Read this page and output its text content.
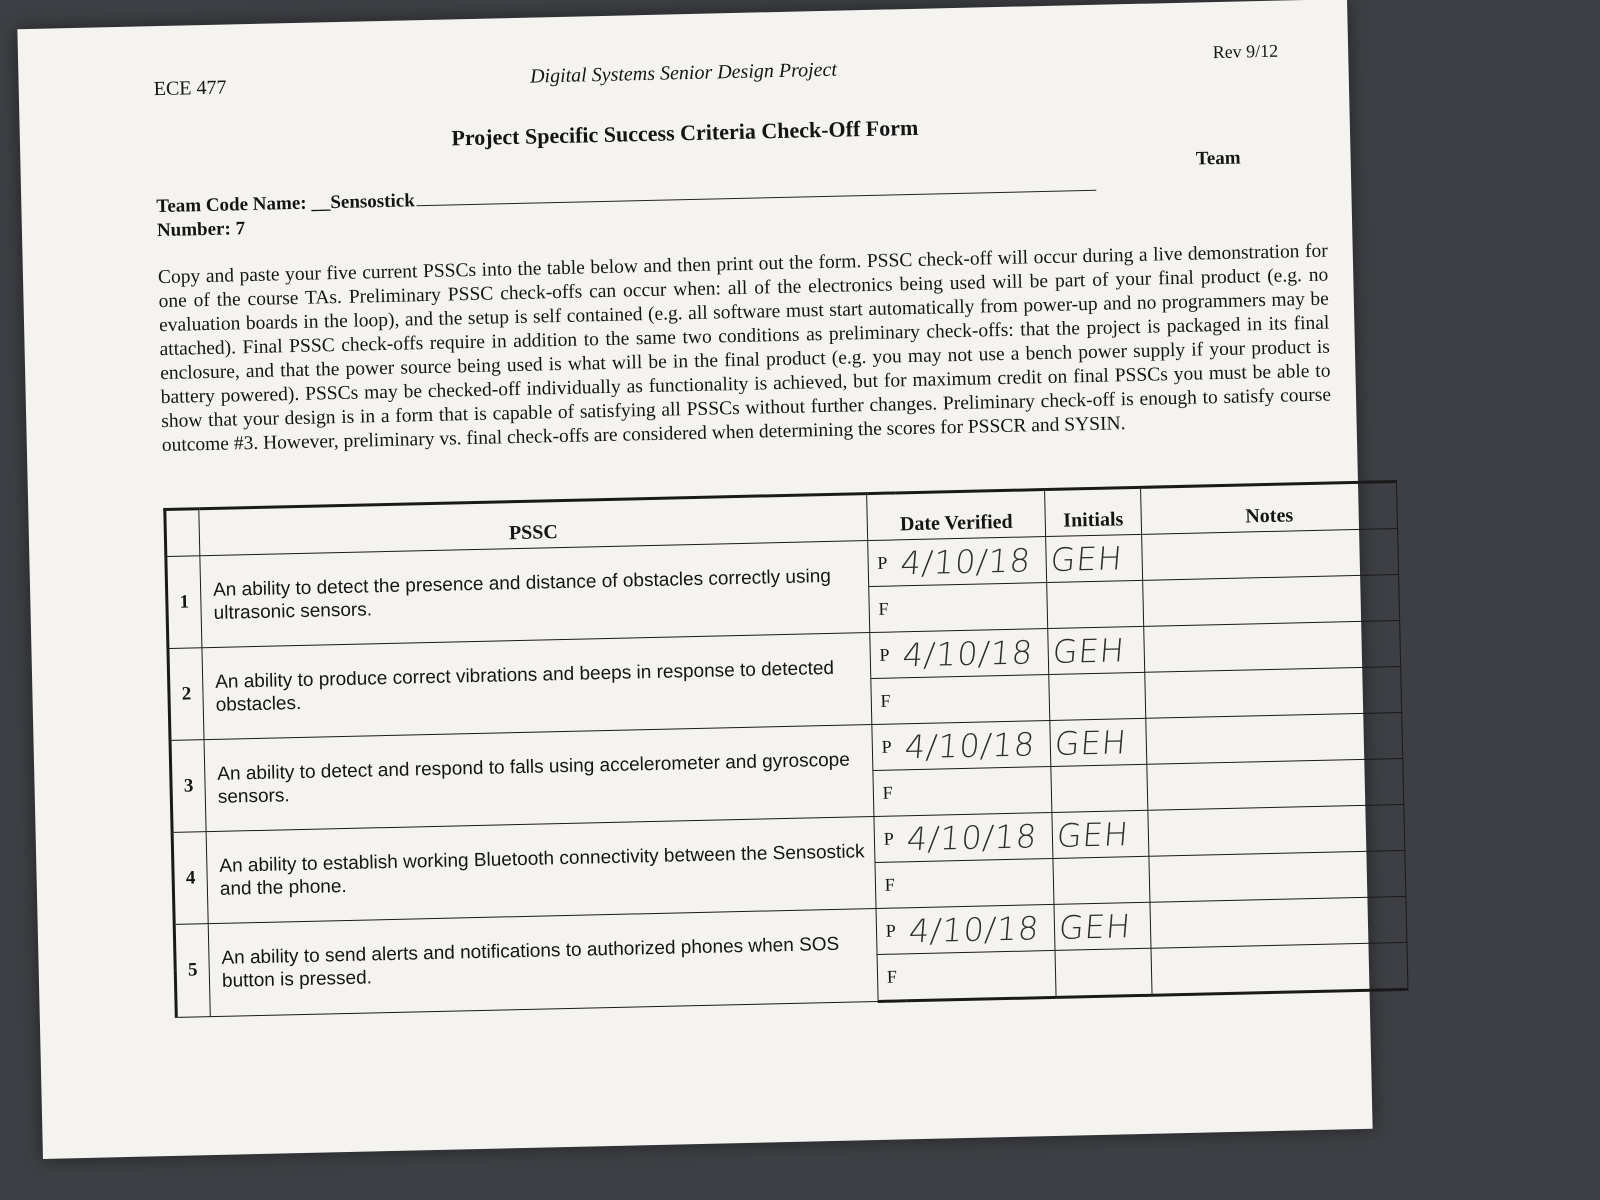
ECE 477
Digital Systems Senior Design Project
Rev 9/12
Project Specific Success Criteria Check-Off Form
Team
Team Code Name: __Sensostick
Number: 7
Copy and paste your five current PSSCs into the table below and then print out the form. PSSC check-off will occur during a live demonstration for one of the course TAs. Preliminary PSSC check-offs can occur when: all of the electronics being used will be part of your final product (e.g. no evaluation boards in the loop), and the setup is self contained (e.g. all software must start automatically from power-up and no programmers may be attached). Final PSSC check-offs require in addition to the same two conditions as preliminary check-offs: that the project is packaged in its final enclosure, and that the power source being used is what will be in the final product (e.g. you may not use a bench power supply if your product is battery powered). PSSCs may be checked-off individually as functionality is achieved, but for maximum credit on final PSSCs you must be able to show that your design is in a form that is capable of satisfying all PSSCs without further changes. Preliminary check-off is enough to satisfy course outcome #3. However, preliminary vs. final check-offs are considered when determining the scores for PSSCR and SYSIN.
	PSSC	Date Verified		Initials	Notes
1	An ability to detect the presence and distance of obstacles correctly using ultrasonic sensors.	P	4/10/18	GEH	
		F			
2	An ability to produce correct vibrations and beeps in response to detected obstacles.	P	4/10/18	GEH	
		F			
3	An ability to detect and respond to falls using accelerometer and gyroscope sensors.	P	4/10/18	GEH	
		F			
4	An ability to establish working Bluetooth connectivity between the Sensostick and the phone.	P	4/10/18	GEH	
		F			
5	An ability to send alerts and notifications to authorized phones when SOS button is pressed.	P	4/10/18	GEH	
		F			
